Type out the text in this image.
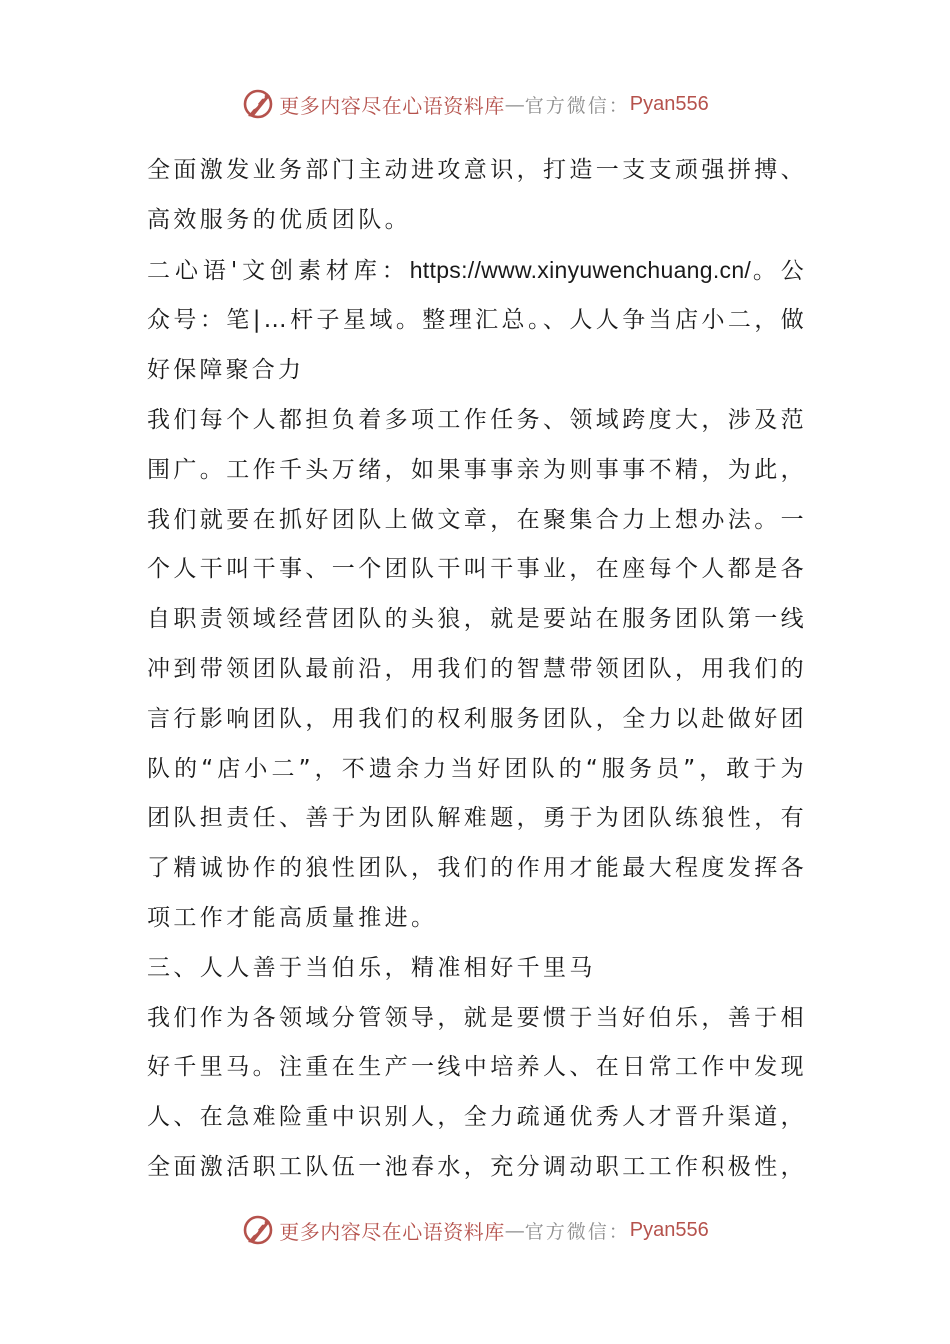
更多内容尽在心语资料库 — 官方微信： Pyan556

全面激发业务部门主动进攻意识，打造一支支顽强拼搏、高效服务的优质团队。

二心语'文创素材库：https://www.xinyuwenchuang.cn/。公众号：笔|…杆子星域。整理汇总。、人人争当店小二，做好保障聚合力

我们每个人都担负着多项工作任务、领域跨度大，涉及范围广。工作千头万绪，如果事事亲为则事事不精，为此，我们就要在抓好团队上做文章，在聚集合力上想办法。一个人干叫干事、一个团队干叫干事业，在座每个人都是各自职责领域经营团队的头狼，就是要站在服务团队第一线冲到带领团队最前沿，用我们的智慧带领团队，用我们的言行影响团队，用我们的权利服务团队，全力以赴做好团队的“店小二”，不遗余力当好团队的“服务员”，敢于为团队担责任、善于为团队解难题，勇于为团队练狼性，有了精诚协作的狼性团队，我们的作用才能最大程度发挥各项工作才能高质量推进。

三、人人善于当伯乐，精准相好千里马

我们作为各领域分管领导，就是要惯于当好伯乐，善于相好千里马。注重在生产一线中培养人、在日常工作中发现人、在急难险重中识别人，全力疏通优秀人才晋升渠道，全面激活职工队伍一池春水，充分调动职工工作积极性，

更多内容尽在心语资料库 — 官方微信： Pyan556
